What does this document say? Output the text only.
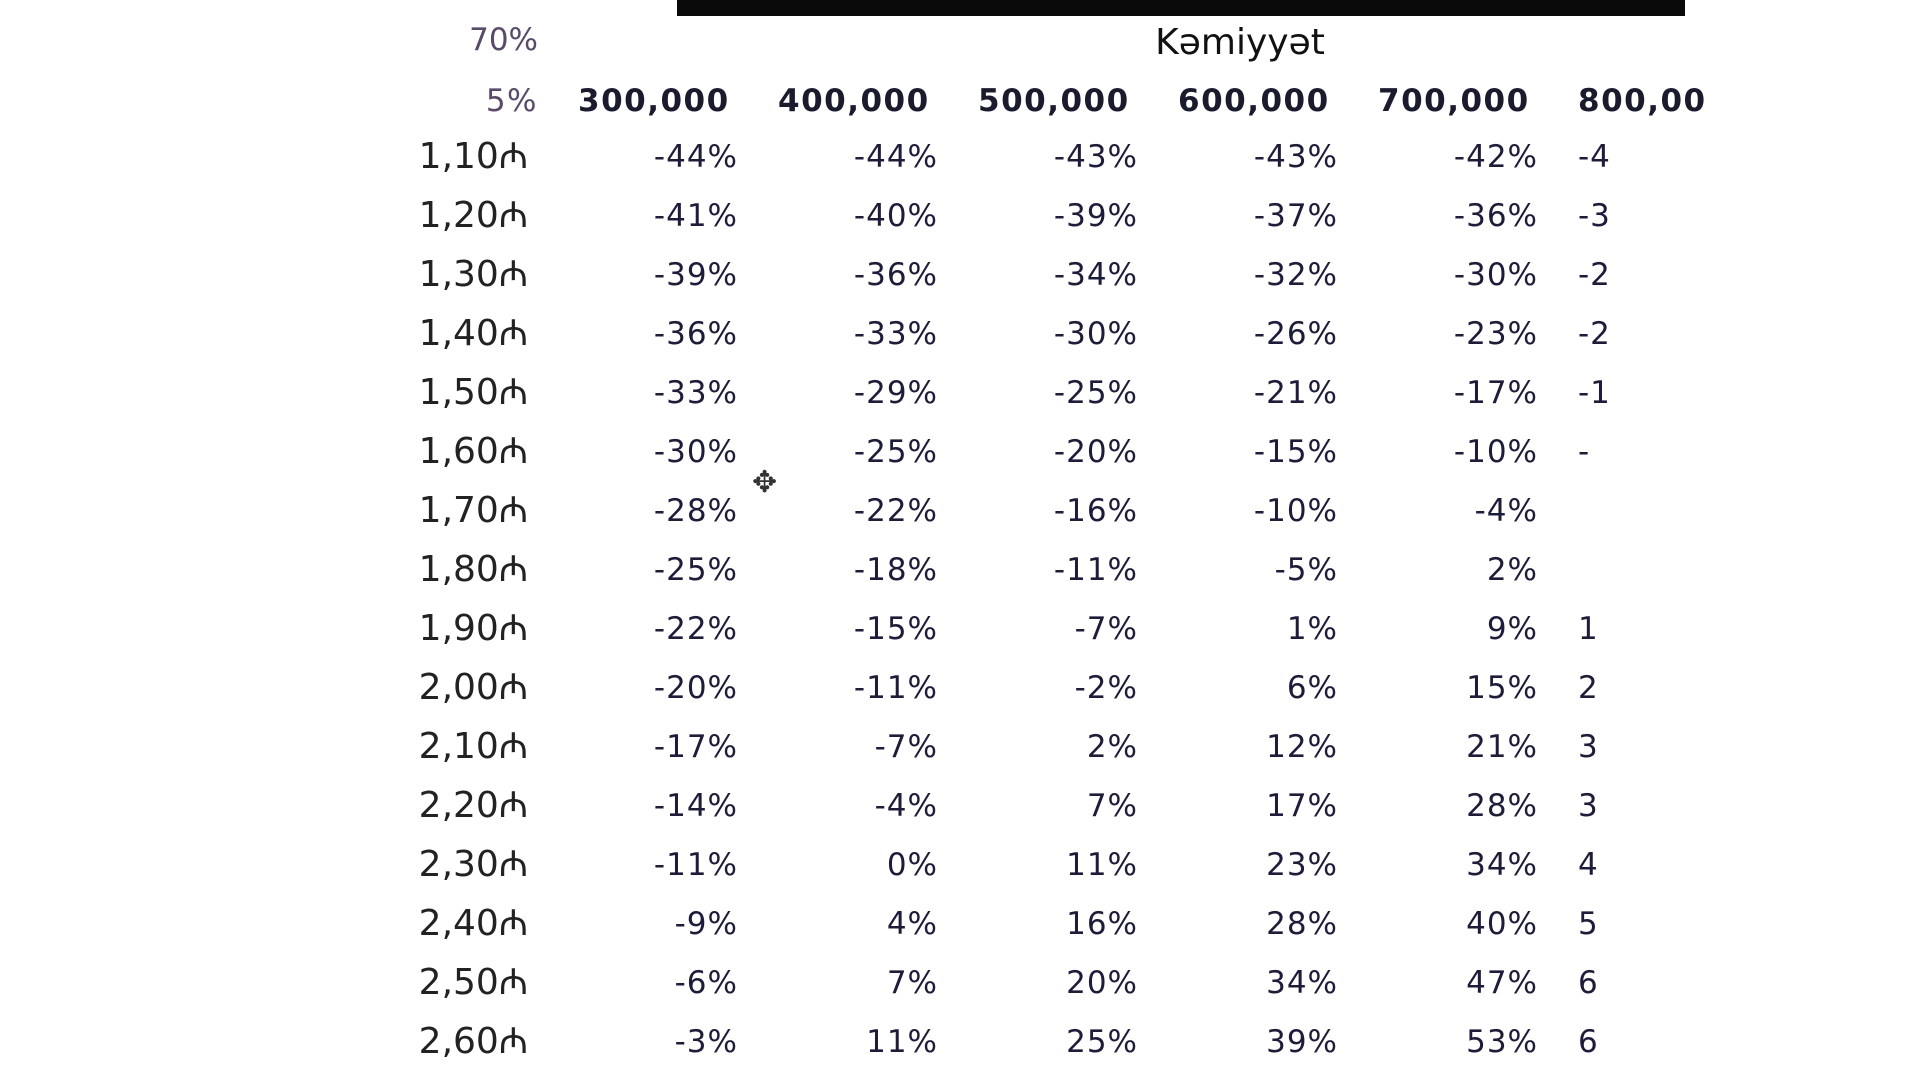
Kəmiyyət
70%
5% 300,000 400,000 500,000 600,000 700,000 800,00
1,10₼	-44%	-44%	-43%	-43%	-42% -4
1,20₼	-41%	-40%	-39%	-37%	-36% -3
1,30₼	-39%	-36%	-34%	-32%	-30% -2
1,40₼	-36%	-33%	-30%	-26%	-23% -2
1,50₼	-33%	-29%	-25%	-21%	-17% -1
1,60₼	-30%	-25%	-20%	-15%	-10% -
1,70₼	-28%	-22%	-16%	-10%	-4%
1,80₼	-25%	-18%	-11%	-5%	2%
1,90₼	-22%	-15%	-7%	1%	9% 1
2,00₼	-20%	-11%	-2%	6%	15% 2
2,10₼	-17%	-7%	2%	12%	21% 3
2,20₼	-14%	-4%	7%	17%	28% 3
2,30₼	-11%	0%	11%	23%	34% 4
2,40₼	-9%	4%	16%	28%	40% 5
2,50₼	-6%	7%	20%	34%	47% 6
2,60₼	-3%	11%	25%	39%	53% 6
✥
